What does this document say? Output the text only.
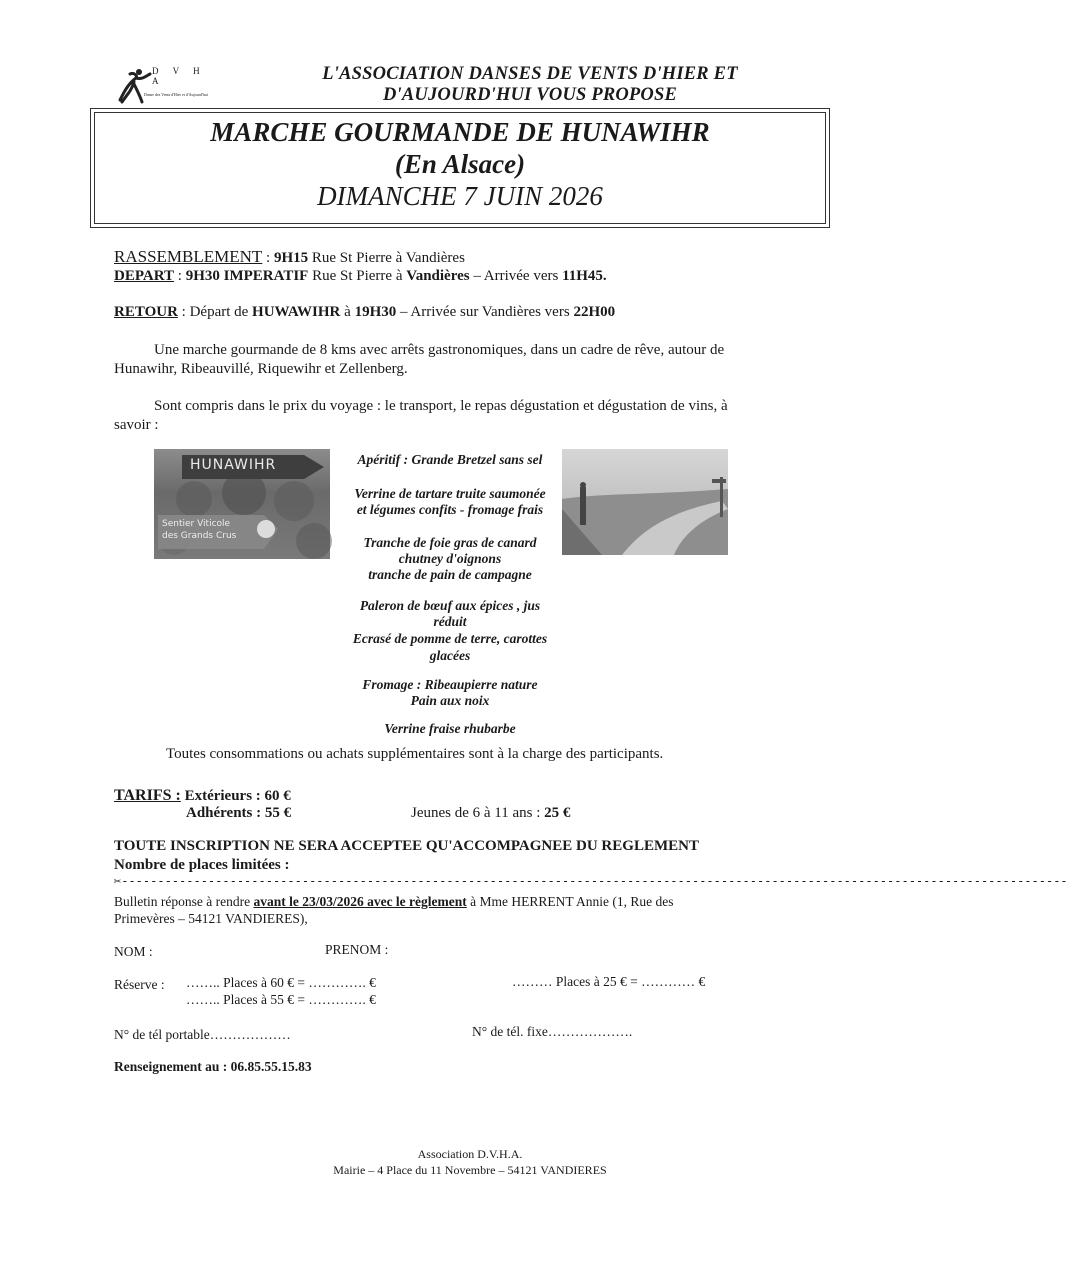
D V H A
Danse des Vents d'Hier et d'Aujourd'hui
L'ASSOCIATION DANSES DE VENTS D'HIER ET
D'AUJOURD'HUI VOUS PROPOSE
MARCHE GOURMANDE DE HUNAWIHR
(En Alsace)
DIMANCHE 7 JUIN 2026
RASSEMBLEMENT : 9H15 Rue St Pierre à Vandières
DEPART : 9H30 IMPERATIF Rue St Pierre à Vandières – Arrivée vers 11H45.
RETOUR : Départ de HUWAWIHR à 19H30 – Arrivée sur Vandières vers 22H00
Une marche gourmande de 8 kms avec arrêts gastronomiques, dans un cadre de rêve, autour de
Hunawihr, Ribeauvillé, Riquewihr et Zellenberg.
Sont compris dans le prix du voyage : le transport, le repas dégustation et dégustation de vins, à
savoir :
HUNAWIHR
Sentier Viticole
des Grands Crus
Apéritif : Grande Bretzel sans sel
Verrine de tartare truite saumonée
et légumes confits - fromage frais
Tranche de foie gras de canard
chutney d'oignons
tranche de pain de campagne
Paleron de bœuf aux épices , jus
réduit
Ecrasé de pomme de terre, carottes
glacées
Fromage : Ribeaupierre nature
Pain aux noix
Verrine fraise rhubarbe
Toutes consommations ou achats supplémentaires sont à la charge des participants.
TARIFS : Extérieurs : 60 €
Adhérents : 55 €	Jeunes de 6 à 11 ans : 25 €
TOUTE INSCRIPTION NE SERA ACCEPTEE QU'ACCOMPAGNEE DU REGLEMENT
Nombre de places limitées :
✂-----------------------------------------------------------------------------------------------------------------------------------
Bulletin réponse à rendre avant le 23/03/2026 avec le règlement à Mme HERRENT Annie (1, Rue des
Primevères – 54121 VANDIERES),
NOM :	PRENOM :
Réserve : …….. Places à 60 € = …………. €
…….. Places à 55 € = …………. €
……… Places à 25 € = ………… €
N° de tél portable………………	N° de tél. fixe……………….
Renseignement au : 06.85.55.15.83
Association D.V.H.A.
Mairie – 4 Place du 11 Novembre – 54121 VANDIERES
